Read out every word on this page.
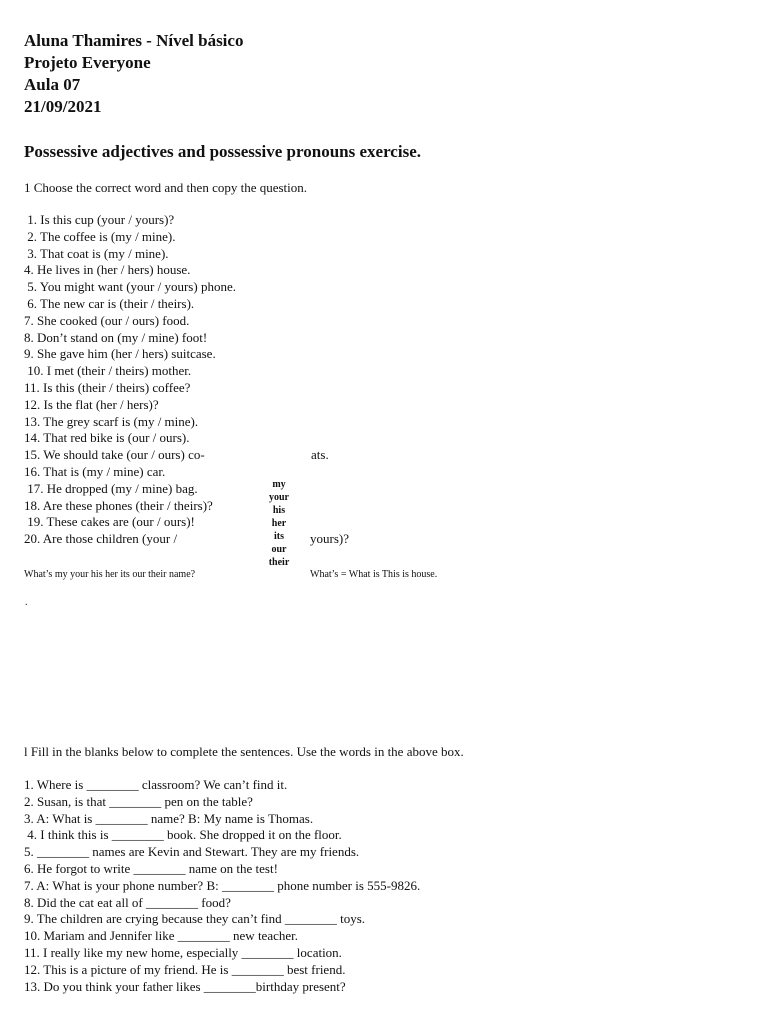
Aluna Thamires - Nível básico
Projeto Everyone
Aula 07
21/09/2021
Possessive adjectives and possessive pronouns exercise.
1 Choose the correct word and then copy the question.
1. Is this cup (your / yours)?
2. The coffee is (my / mine).
3. That coat is (my / mine).
4. He lives in (her / hers) house.
5. You might want (your / yours) phone.
6. The new car is (their / theirs).
7. She cooked (our / ours) food.
8. Don’t stand on (my / mine) foot!
9. She gave him (her / hers) suitcase.
10. I met (their / theirs) mother.
11. Is this (their / theirs) coffee?
12. Is the flat (her / hers)?
13. The grey scarf is (my / mine).
14. That red bike is (our / ours).
15. We should take (our / ours) co-
16. That is (my / mine) car.
17. He dropped (my / mine) bag.
18. Are these phones (their / theirs)?
19. These cakes are (our / ours)!
20. Are those children (your /
ats.
yours)?
my
your
his
her
its
our
their
What’s my your his her its our their name?	What’s = What is This is house.
.
l Fill in the blanks below to complete the sentences. Use the words in the above box.
1. Where is ________ classroom? We can’t find it.
2. Susan, is that ________ pen on the table?
3. A: What is ________ name? B: My name is Thomas.
4. I think this is ________ book. She dropped it on the floor.
5. ________ names are Kevin and Stewart. They are my friends.
6. He forgot to write ________ name on the test!
7. A: What is your phone number? B: ________ phone number is 555-9826.
8. Did the cat eat all of ________ food?
9. The children are crying because they can’t find ________ toys.
10. Mariam and Jennifer like ________ new teacher.
11. I really like my new home, especially ________ location.
12. This is a picture of my friend. He is ________ best friend.
13. Do you think your father likes ________birthday present?
